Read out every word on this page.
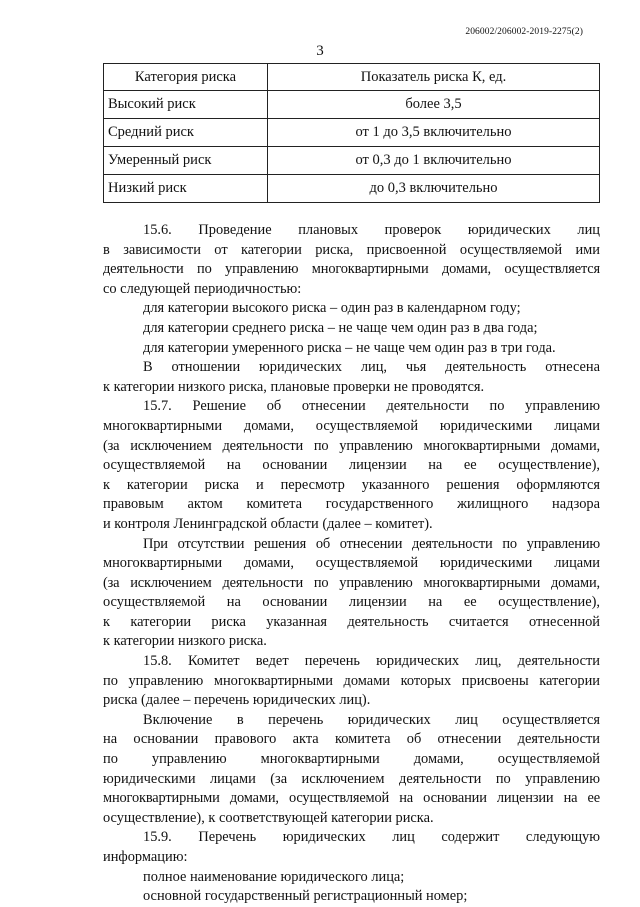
206002/206002-2019-2275(2)
3
Категория риска	Показатель риска К, ед.
Высокий риск	более 3,5
Средний риск	от 1 до 3,5 включительно
Умеренный риск	от 0,3 до 1 включительно
Низкий риск	до 0,3 включительно

15.6. Проведение плановых проверок юридических лиц

в зависимости от категории риска, присвоенной осуществляемой ими

деятельности по управлению многоквартирными домами, осуществляется

со следующей периодичностью:

для категории высокого риска – один раз в календарном году;

для категории среднего риска – не чаще чем один раз в два года;

для категории умеренного риска – не чаще чем один раз в три года.

В отношении юридических лиц, чья деятельность отнесена

к категории низкого риска, плановые проверки не проводятся.

15.7. Решение об отнесении деятельности по управлению

многоквартирными домами, осуществляемой юридическими лицами

(за исключением деятельности по управлению многоквартирными домами,

осуществляемой на основании лицензии на ее осуществление),

к категории риска и пересмотр указанного решения оформляются

правовым актом комитета государственного жилищного надзора

и контроля Ленинградской области (далее – комитет).

При отсутствии решения об отнесении деятельности по управлению

многоквартирными домами, осуществляемой юридическими лицами

(за исключением деятельности по управлению многоквартирными домами,

осуществляемой на основании лицензии на ее осуществление),

к категории риска указанная деятельность считается отнесенной

к категории низкого риска.

15.8. Комитет ведет перечень юридических лиц, деятельности

по управлению многоквартирными домами которых присвоены категории

риска (далее – перечень юридических лиц).

Включение в перечень юридических лиц осуществляется

на основании правового акта комитета об отнесении деятельности

по управлению многоквартирными домами, осуществляемой

юридическими лицами (за исключением деятельности по управлению

многоквартирными домами, осуществляемой на основании лицензии на ее

осуществление), к соответствующей категории риска.

15.9. Перечень юридических лиц содержит следующую

информацию:

полное наименование юридического лица;

основной государственный регистрационный номер;
